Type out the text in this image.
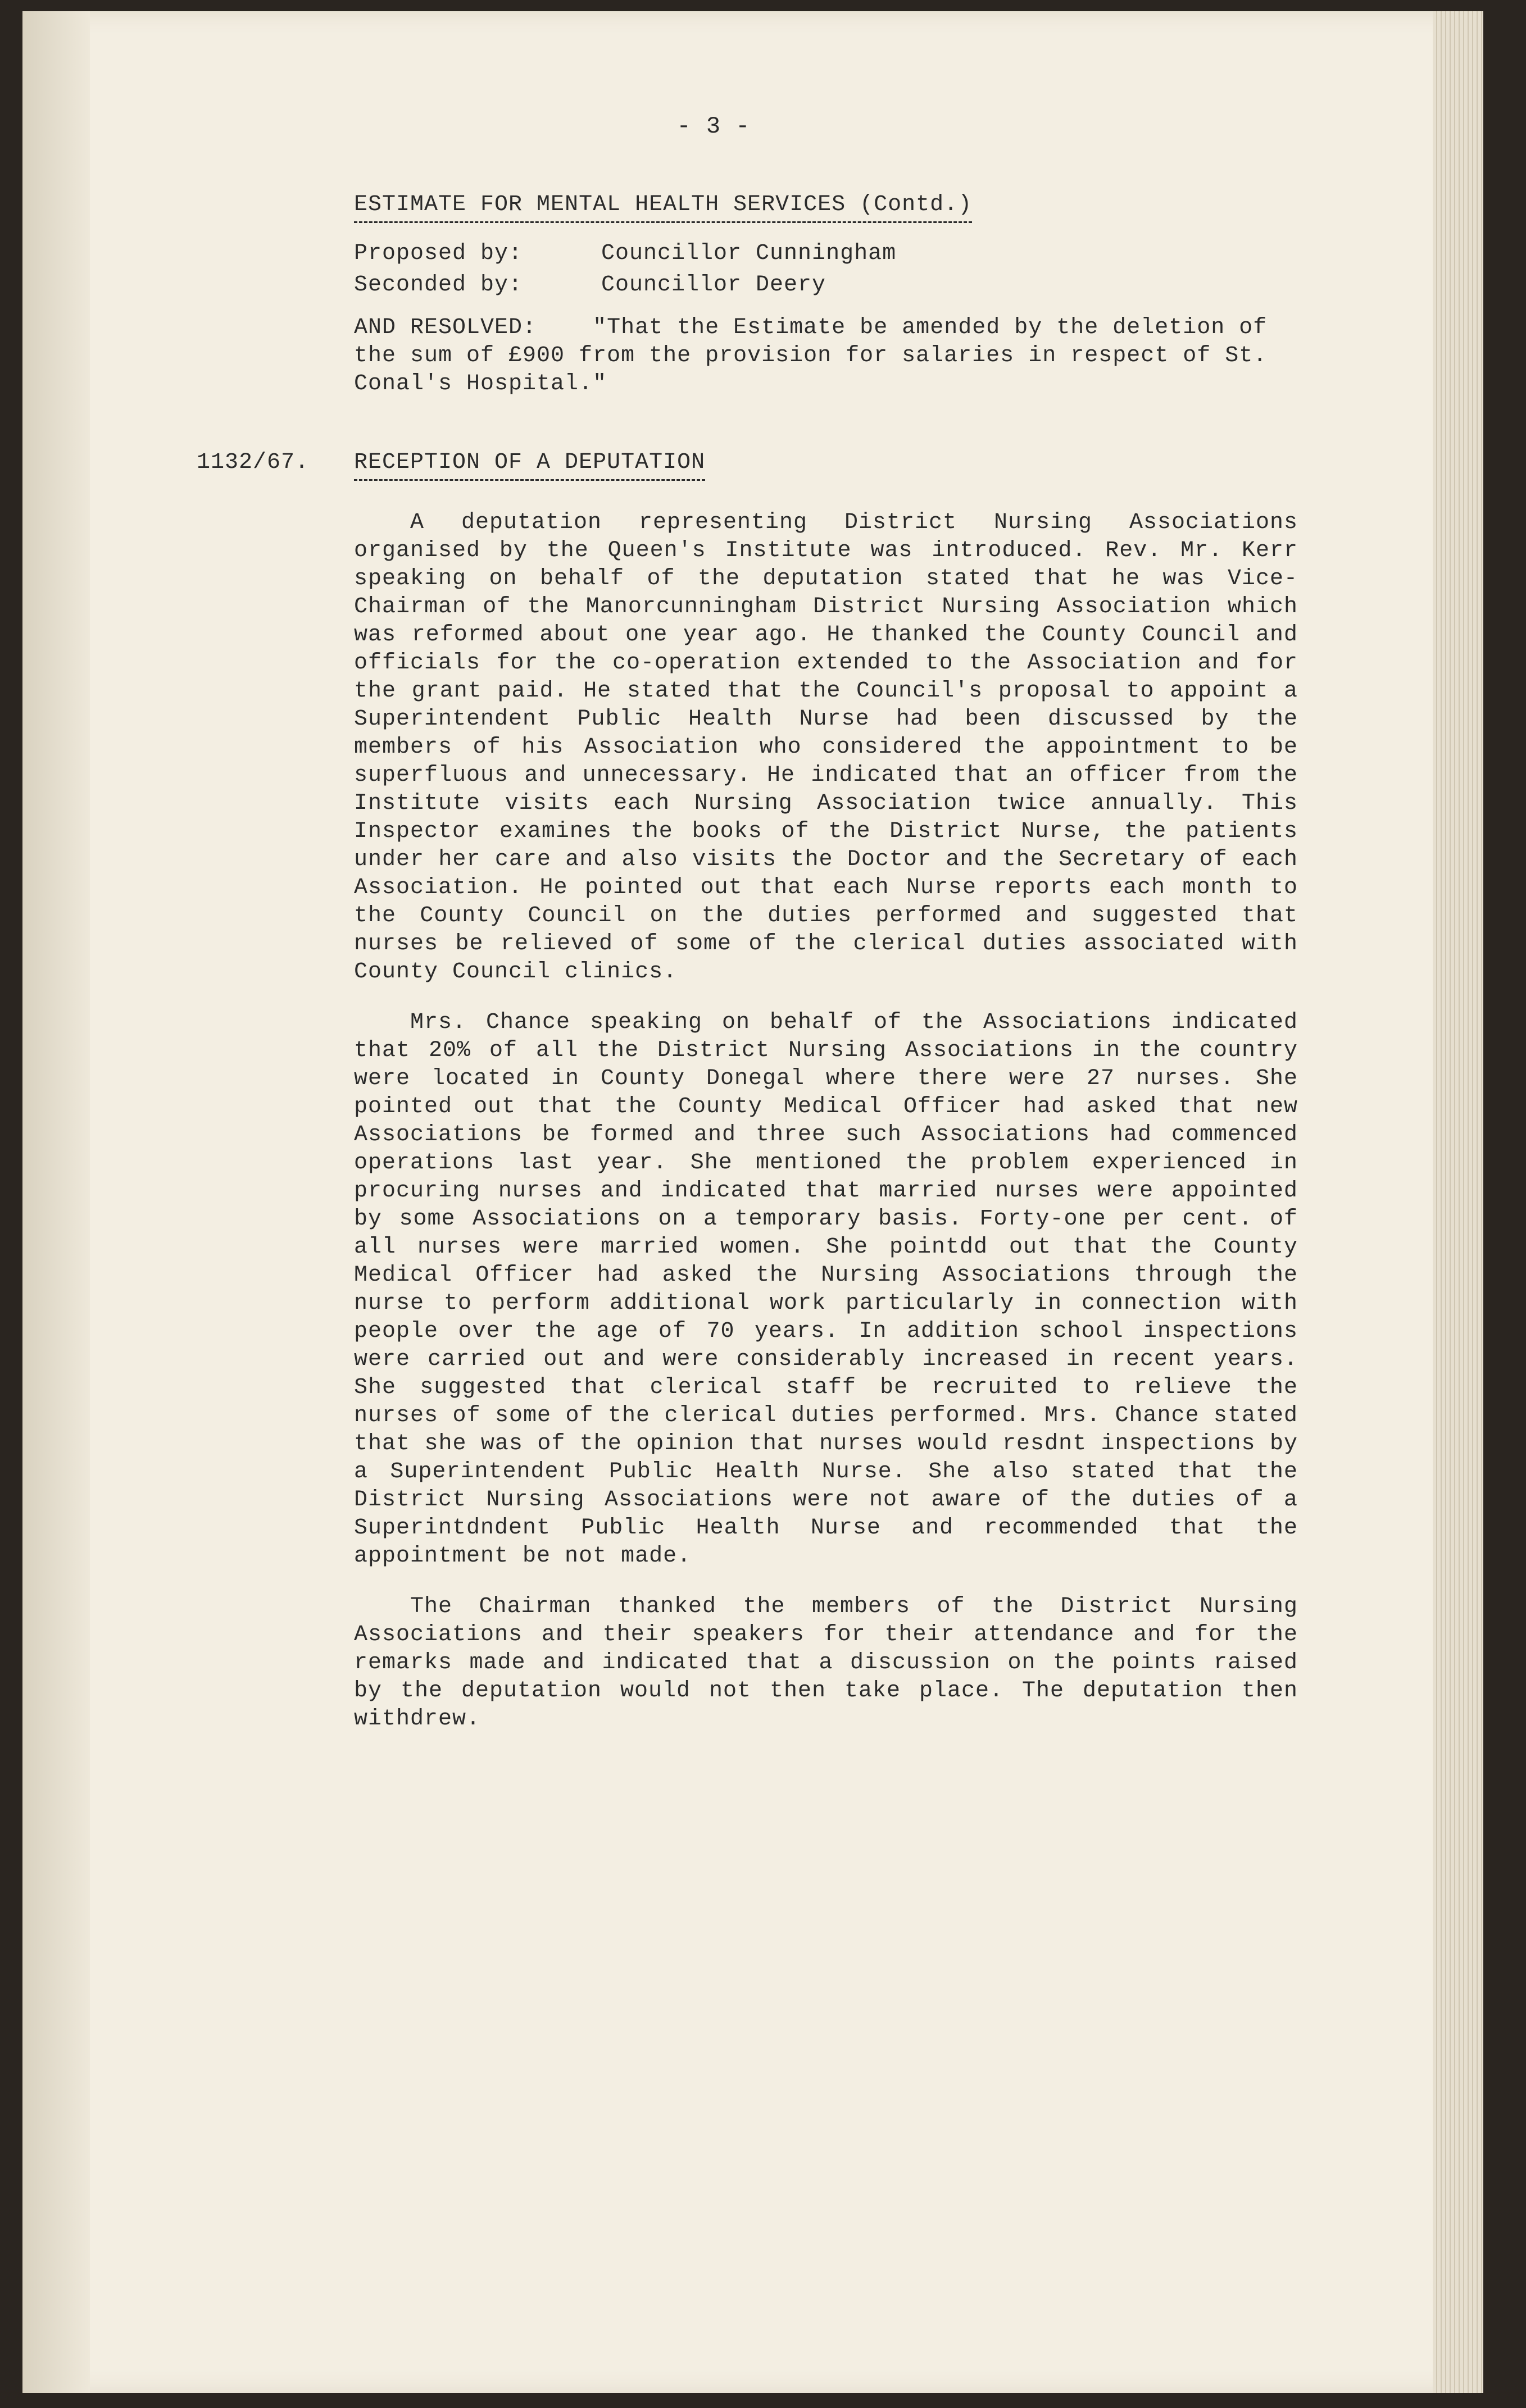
- 3 -
ESTIMATE FOR MENTAL HEALTH SERVICES (Contd.)
Proposed by:	Councillor Cunningham
Seconded by:	Councillor Deery
AND RESOLVED:	"That the Estimate be amended by the deletion of the sum of £900 from the provision for salaries in respect of St. Conal's Hospital."
1132/67. RECEPTION OF A DEPUTATION

A deputation representing District Nursing Associations organised by the Queen's Institute was introduced. Rev. Mr. Kerr speaking on behalf of the deputation stated that he was Vice-Chairman of the Manorcunningham District Nursing Association which was reformed about one year ago. He thanked the County Council and officials for the co-operation extended to the Association and for the grant paid. He stated that the Council's proposal to appoint a Superintendent Public Health Nurse had been discussed by the members of his Association who considered the appointment to be superfluous and unnecessary. He indicated that an officer from the Institute visits each Nursing Association twice annually. This Inspector examines the books of the District Nurse, the patients under her care and also visits the Doctor and the Secretary of each Association. He pointed out that each Nurse reports each month to the County Council on the duties performed and suggested that nurses be relieved of some of the clerical duties associated with County Council clinics.

Mrs. Chance speaking on behalf of the Associations indicated that 20% of all the District Nursing Associations in the country were located in County Donegal where there were 27 nurses. She pointed out that the County Medical Officer had asked that new Associations be formed and three such Associations had commenced operations last year. She mentioned the problem experienced in procuring nurses and indicated that married nurses were appointed by some Associations on a temporary basis. Forty-one per cent. of all nurses were married women. She pointdd out that the County Medical Officer had asked the Nursing Associations through the nurse to perform additional work particularly in connection with people over the age of 70 years. In addition school inspections were carried out and were considerably increased in recent years. She suggested that clerical staff be recruited to relieve the nurses of some of the clerical duties performed. Mrs. Chance stated that she was of the opinion that nurses would resdnt inspections by a Superintendent Public Health Nurse. She also stated that the District Nursing Associations were not aware of the duties of a Superintdndent Public Health Nurse and recommended that the appointment be not made.

The Chairman thanked the members of the District Nursing Associations and their speakers for their attendance and for the remarks made and indicated that a discussion on the points raised by the deputation would not then take place. The deputation then withdrew.
